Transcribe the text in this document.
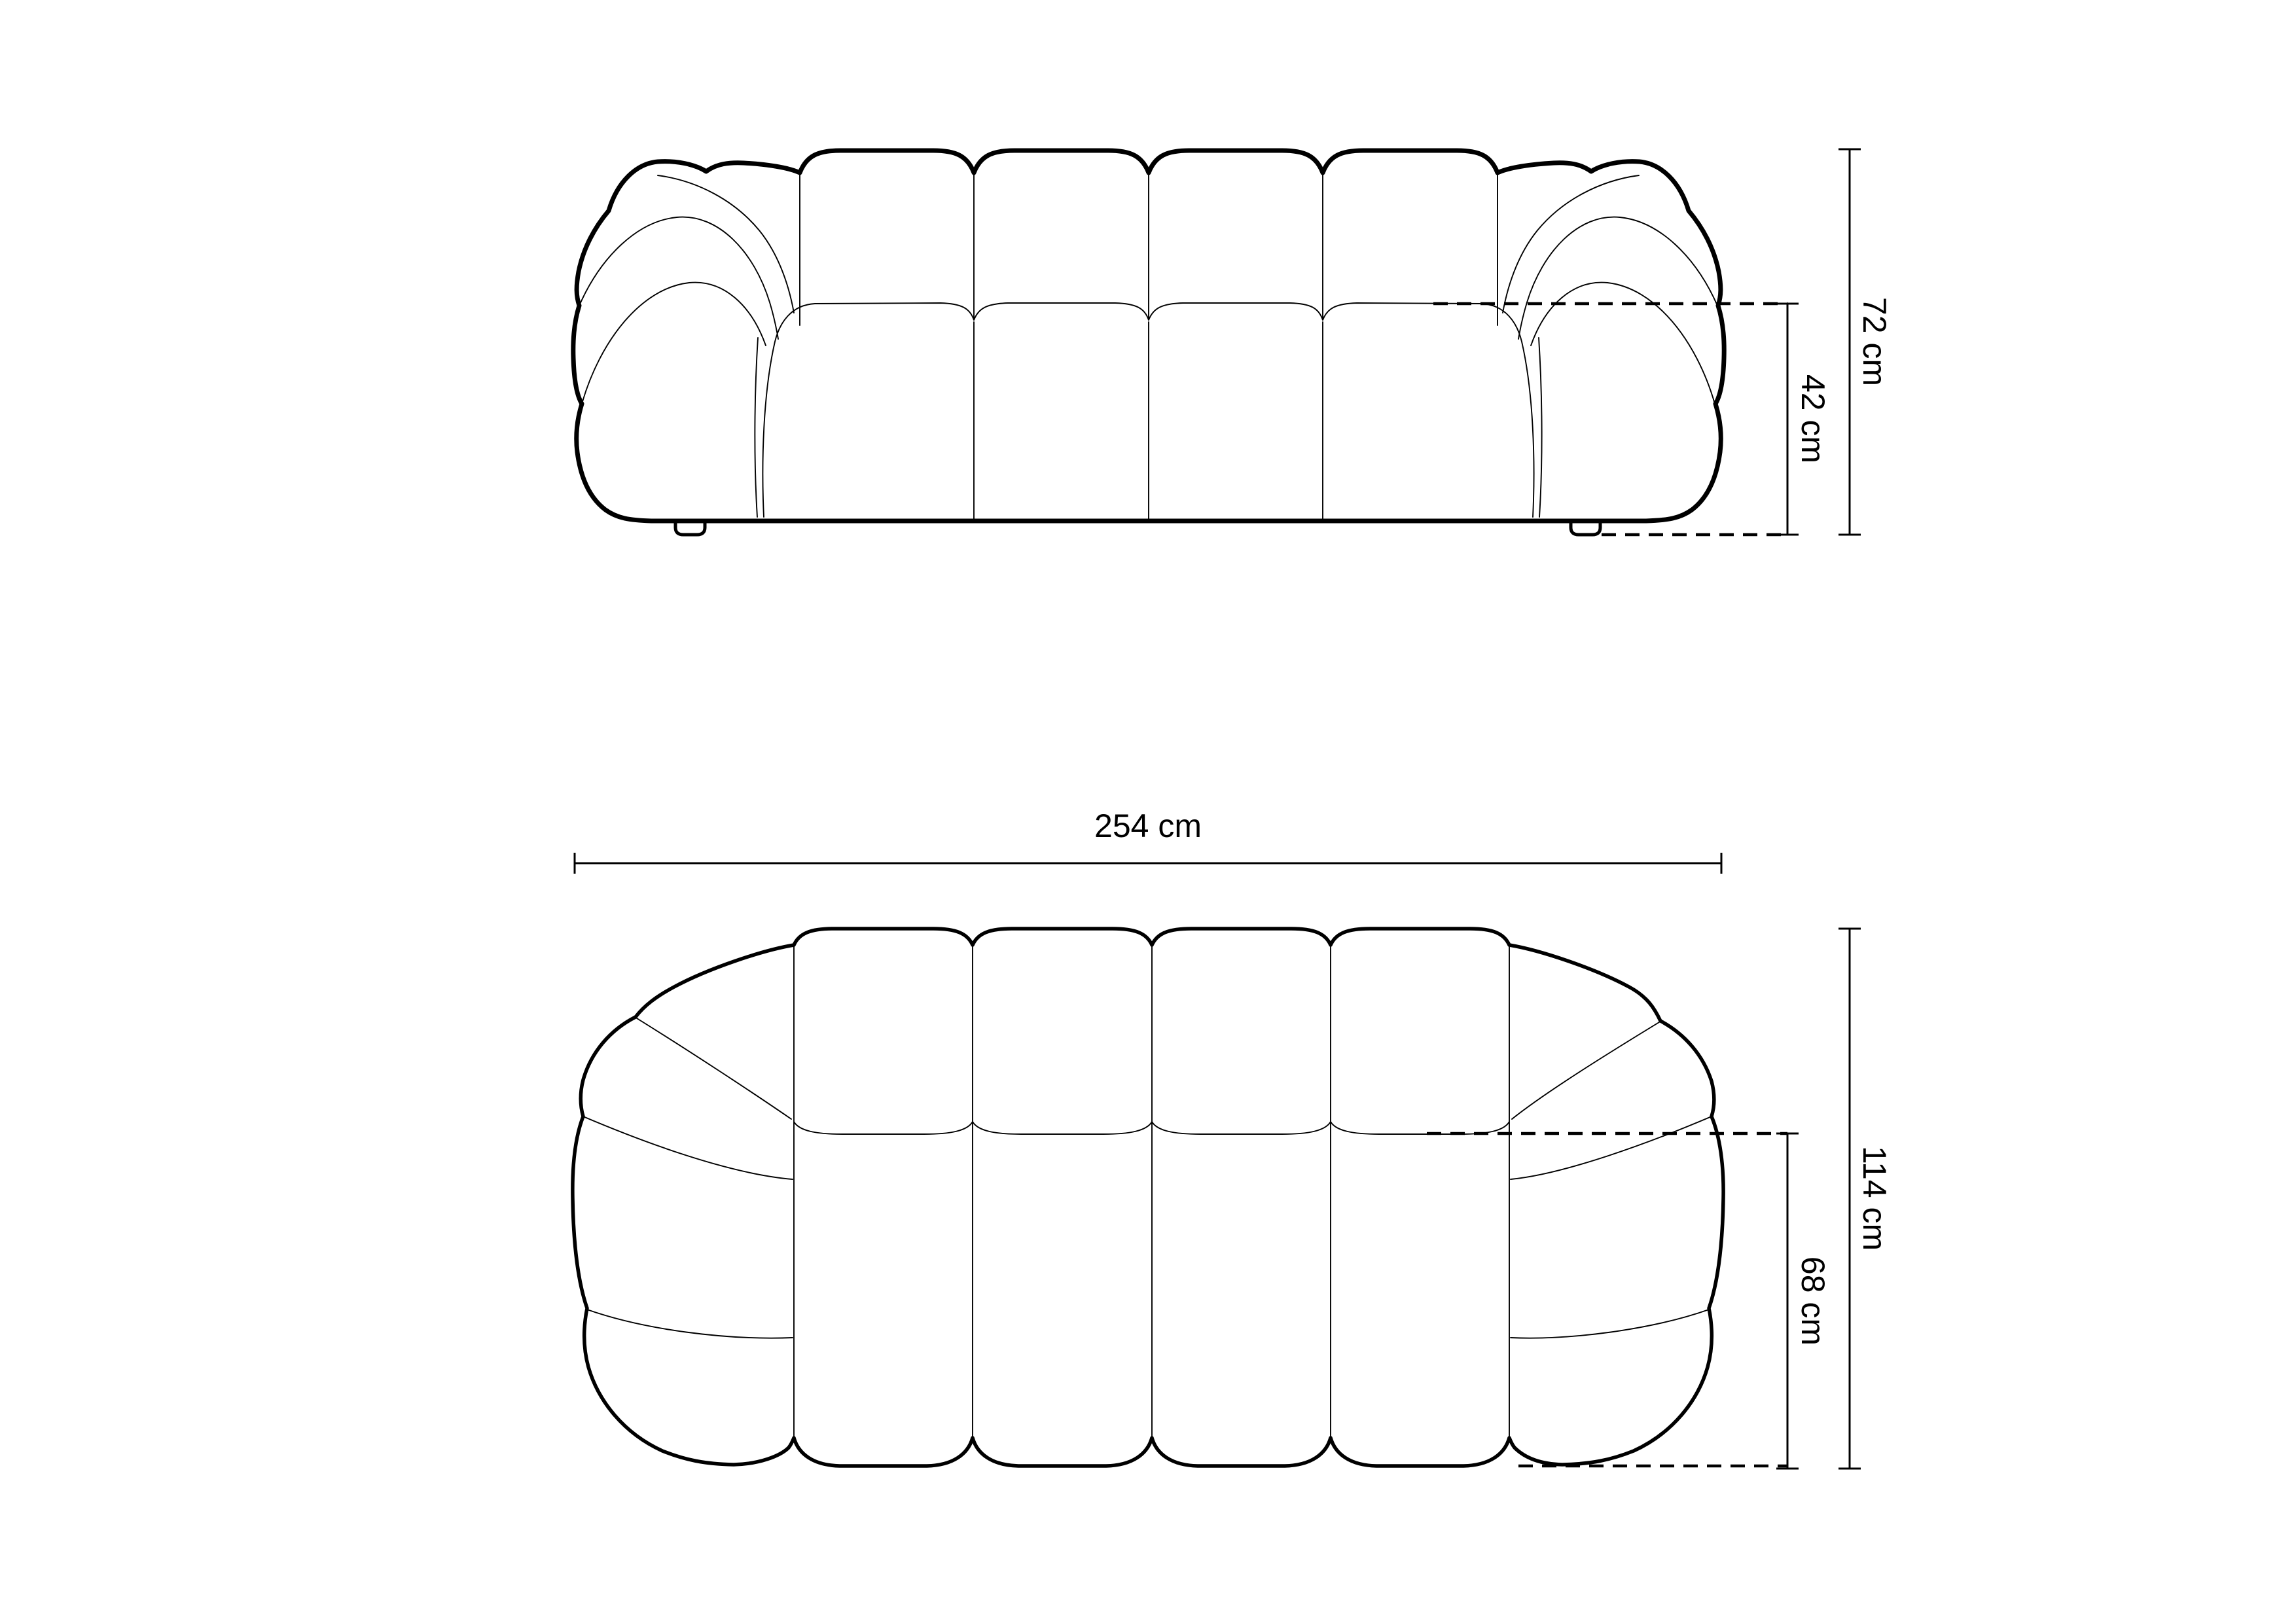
72 cm
42 cm
254 cm
114 cm
68 cm
